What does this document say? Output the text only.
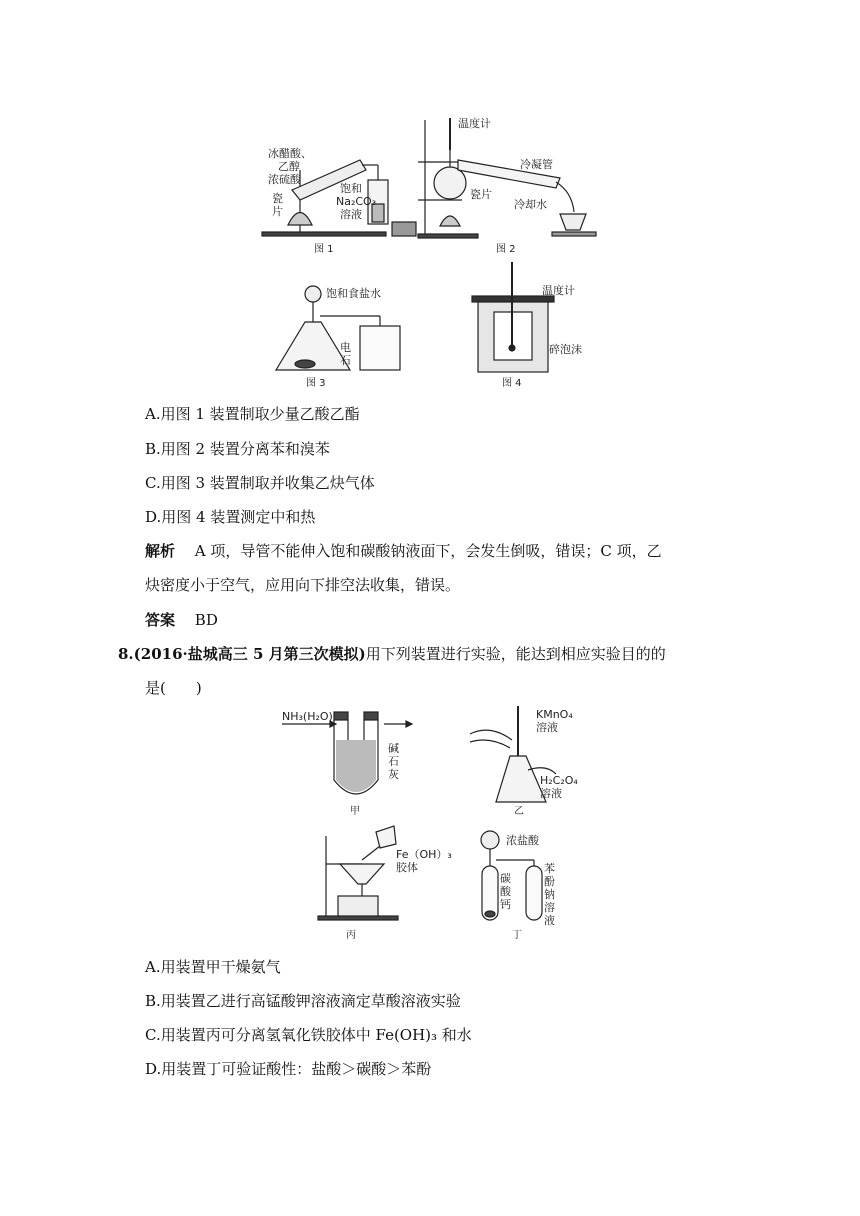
冰醋酸、
乙醇
浓硫酸
瓷
片
饱和
Na₂CO₃
溶液
图 1
温度计
冷凝管
瓷片
冷却水
图 2
饱和食盐水
电
石
图 3
温度计
碎泡沫
图 4
A.用图 1 装置制取少量乙酸乙酯
B.用图 2 装置分离苯和溴苯
C.用图 3 装置制取并收集乙炔气体
D.用图 4 装置测定中和热
解析　 A 项，导管不能伸入饱和碳酸钠液面下，会发生倒吸，错误；C 项，乙
炔密度小于空气，应用向下排空法收集，错误。
答案　 BD
8.(2016·盐城高三 5 月第三次模拟)用下列装置进行实验，能达到相应实验目的的
是(　　)
NH₃(H₂O)
碱
石
灰
甲
KMnO₄
溶液
H₂C₂O₄
溶液
乙
Fe（OH）₃
胶体
丙
浓盐酸
碳
酸
钙
苯
酚
钠
溶
液
丁
A.用装置甲干燥氨气
B.用装置乙进行高锰酸钾溶液滴定草酸溶液实验
C.用装置丙可分离氢氧化铁胶体中 Fe(OH)₃ 和水
D.用装置丁可验证酸性：盐酸＞碳酸＞苯酚
